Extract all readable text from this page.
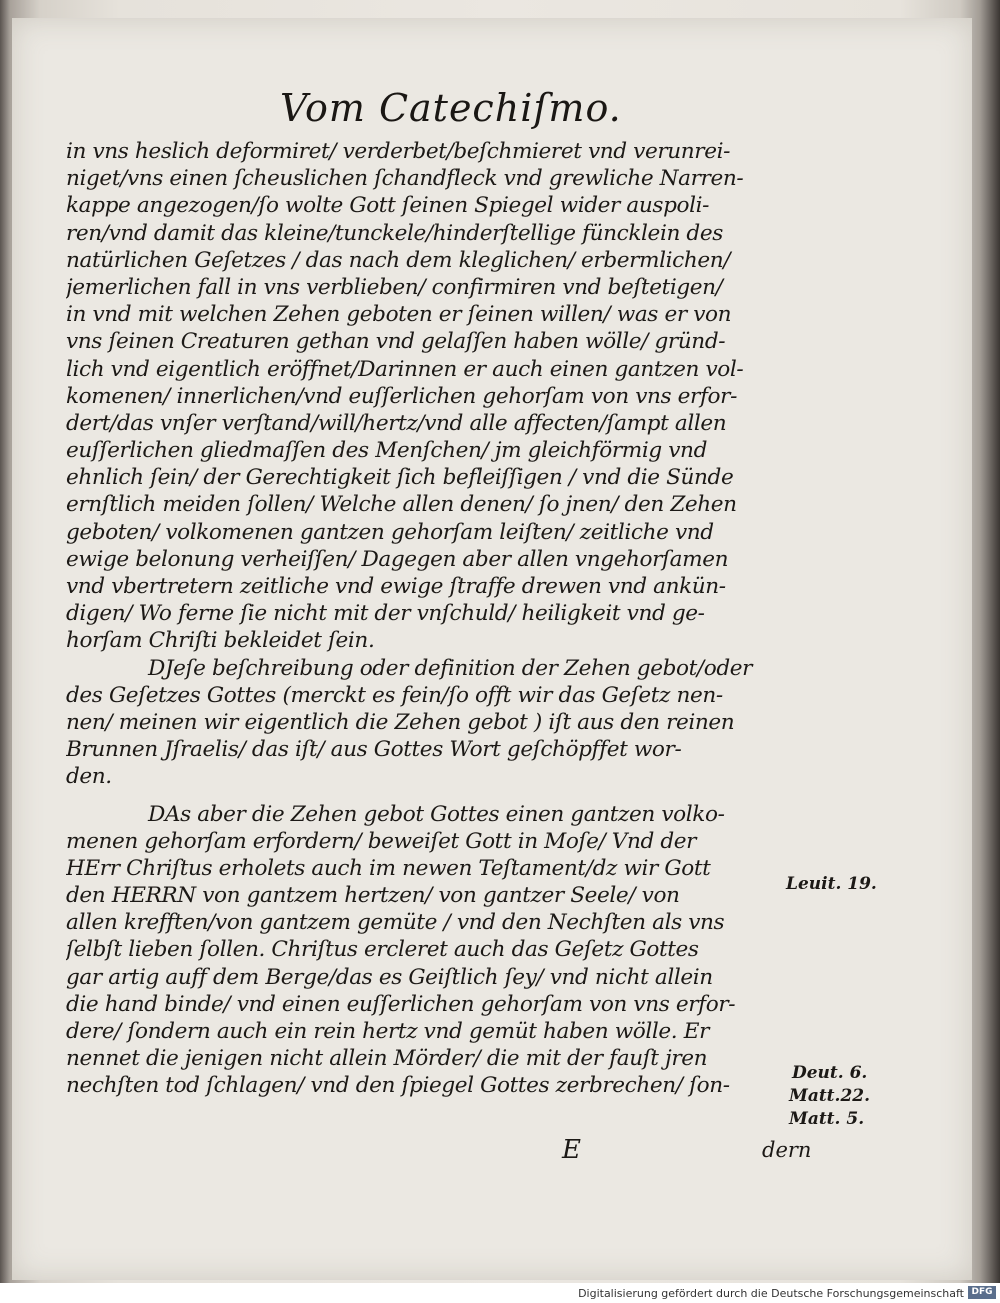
Vom Catechiſmo.
in vns heslich deformiret/ verderbet/beſchmieret vnd verunrei-
niget/vns einen ſcheuslichen ſchandfleck vnd grewliche Narren-
kappe angezogen/ſo wolte Gott ſeinen Spiegel wider auspoli-
ren/vnd damit das kleine/tunckele/hinderſtellige füncklein des
natürlichen Geſetzes / das nach dem kleglichen/ erbermlichen/
jemerlichen fall in vns verblieben/ confirmiren vnd beſtetigen/
in vnd mit welchen Zehen geboten er ſeinen willen/ was er von
vns ſeinen Creaturen gethan vnd gelaſſen haben wölle/ gründ-
lich vnd eigentlich eröffnet/Darinnen er auch einen gantzen vol-
komenen/ innerlichen/vnd euſſerlichen gehorſam von vns erfor-
dert/das vnſer verſtand/will/hertz/vnd alle affecten/ſampt allen
euſſerlichen gliedmaſſen des Menſchen/ jm gleichförmig vnd
ehnlich ſein/ der Gerechtigkeit ſich befleiſſigen / vnd die Sünde
ernſtlich meiden ſollen/ Welche allen denen/ ſo jnen/ den Zehen
geboten/ volkomenen gantzen gehorſam leiſten/ zeitliche vnd
ewige belonung verheiſſen/ Dagegen aber allen vngehorſamen
vnd vbertretern zeitliche vnd ewige ſtraffe drewen vnd ankün-
digen/ Wo ferne ſie nicht mit der vnſchuld/ heiligkeit vnd ge-
horſam Chriſti bekleidet ſein.
DJeſe beſchreibung oder definition der Zehen gebot/oder
des Geſetzes Gottes (merckt es fein/ſo offt wir das Geſetz nen-
nen/ meinen wir eigentlich die Zehen gebot ) iſt aus den reinen
Brunnen Jſraelis/ das iſt/ aus Gottes Wort geſchöpffet wor-
den.
DAs aber die Zehen gebot Gottes einen gantzen volko-
menen gehorſam erfordern/ beweiſet Gott in Moſe/ Vnd der
HErr Chriſtus erholets auch im newen Teſtament/dz wir Gott
den HERRN von gantzem hertzen/ von gantzer Seele/ von
allen krefften/von gantzem gemüte / vnd den Nechſten als vns
ſelbſt lieben ſollen. Chriſtus ercleret auch das Geſetz Gottes
gar artig auff dem Berge/das es Geiſtlich ſey/ vnd nicht allein
die hand binde/ vnd einen euſſerlichen gehorſam von vns erfor-
dere/ ſondern auch ein rein hertz vnd gemüt haben wölle. Er
nennet die jenigen nicht allein Mörder/ die mit der fauſt jren
nechſten tod ſchlagen/ vnd den ſpiegel Gottes zerbrechen/ ſon-
Leuit. 19.
Deut. 6.
Matt.22.
Matt. 5.
E	dern
Digitalisierung gefördert durch die Deutsche Forschungsgemeinschaft DFG
